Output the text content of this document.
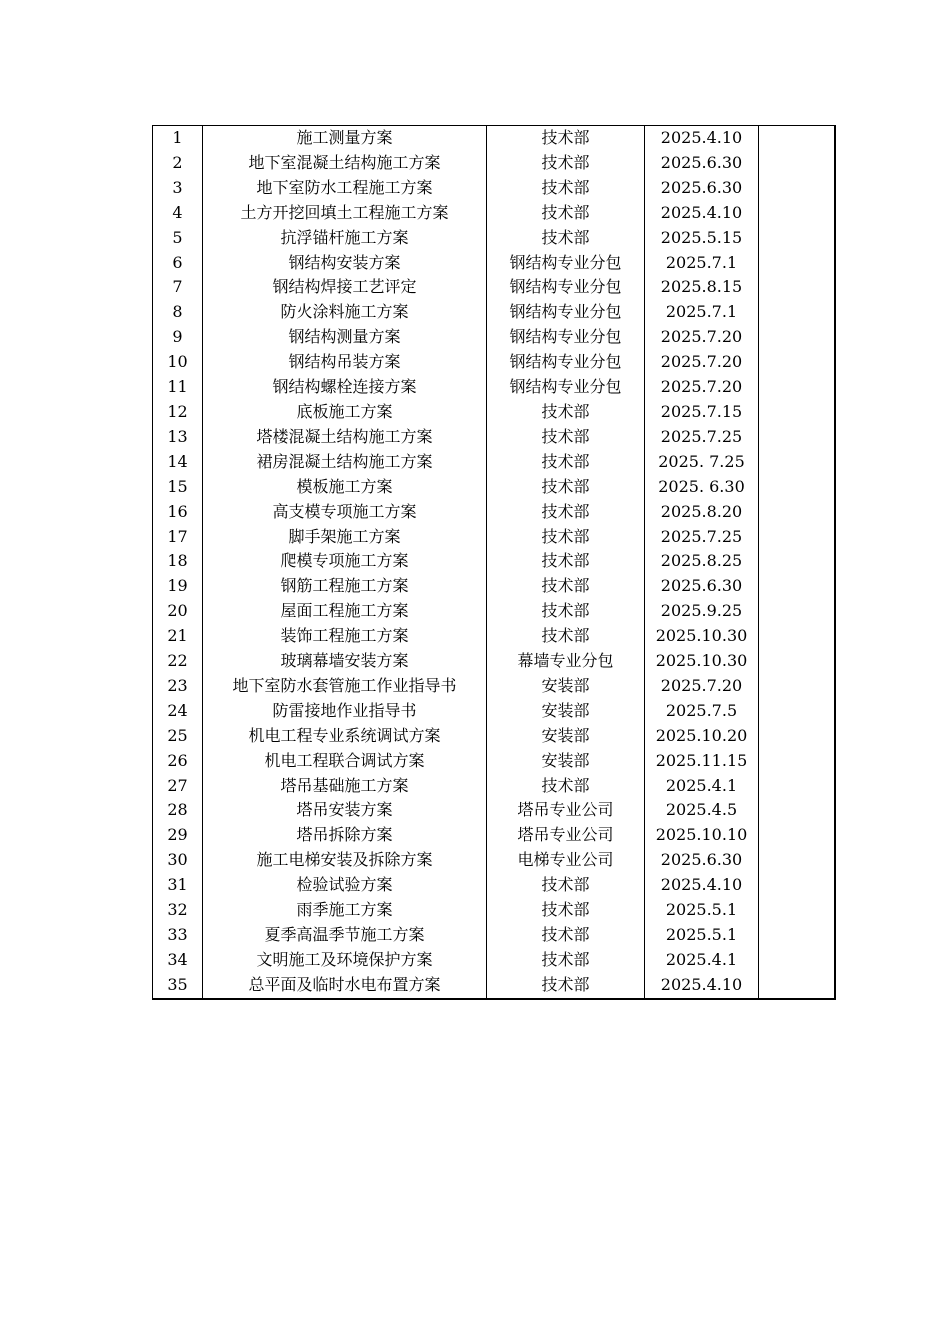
1	施工测量方案	技术部	2025.4.10	
2	地下室混凝土结构施工方案	技术部	2025.6.30	
3	地下室防水工程施工方案	技术部	2025.6.30	
4	土方开挖回填土工程施工方案	技术部	2025.4.10	
5	抗浮锚杆施工方案	技术部	2025.5.15	
6	钢结构安装方案	钢结构专业分包	2025.7.1	
7	钢结构焊接工艺评定	钢结构专业分包	2025.8.15	
8	防火涂料施工方案	钢结构专业分包	2025.7.1	
9	钢结构测量方案	钢结构专业分包	2025.7.20	
10	钢结构吊装方案	钢结构专业分包	2025.7.20	
11	钢结构螺栓连接方案	钢结构专业分包	2025.7.20	
12	底板施工方案	技术部	2025.7.15	
13	塔楼混凝土结构施工方案	技术部	2025.7.25	
14	裙房混凝土结构施工方案	技术部	2025. 7.25	
15	模板施工方案	技术部	2025. 6.30	
16	高支模专项施工方案	技术部	2025.8.20	
17	脚手架施工方案	技术部	2025.7.25	
18	爬模专项施工方案	技术部	2025.8.25	
19	钢筋工程施工方案	技术部	2025.6.30	
20	屋面工程施工方案	技术部	2025.9.25	
21	装饰工程施工方案	技术部	2025.10.30	
22	玻璃幕墙安装方案	幕墙专业分包	2025.10.30	
23	地下室防水套管施工作业指导书	安装部	2025.7.20	
24	防雷接地作业指导书	安装部	2025.7.5	
25	机电工程专业系统调试方案	安装部	2025.10.20	
26	机电工程联合调试方案	安装部	2025.11.15	
27	塔吊基础施工方案	技术部	2025.4.1	
28	塔吊安装方案	塔吊专业公司	2025.4.5	
29	塔吊拆除方案	塔吊专业公司	2025.10.10	
30	施工电梯安装及拆除方案	电梯专业公司	2025.6.30	
31	检验试验方案	技术部	2025.4.10	
32	雨季施工方案	技术部	2025.5.1	
33	夏季高温季节施工方案	技术部	2025.5.1	
34	文明施工及环境保护方案	技术部	2025.4.1	
35	总平面及临时水电布置方案	技术部	2025.4.10	
